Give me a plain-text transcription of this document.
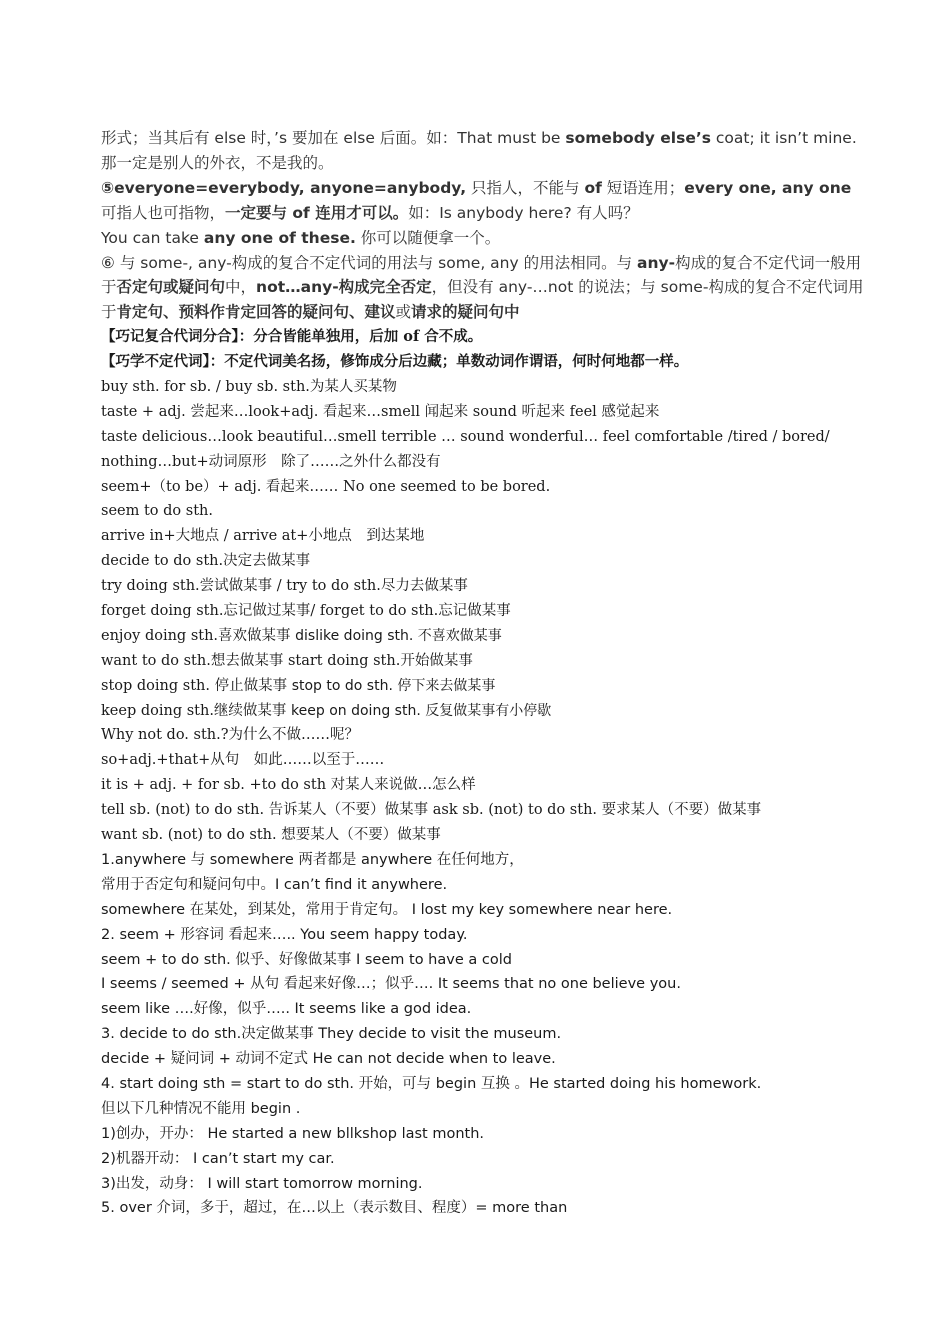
形式；当其后有 else 时，’s 要加在 else 后面。如：That must be somebody else’s coat; it isn’t mine. 那一定是别人的外衣，不是我的。
⑤everyone=everybody, anyone=anybody, 只指人，不能与 of 短语连用；every one, any one 可指人也可指物，一定要与 of 连用才可以。如：Is anybody here? 有人吗？
You can take any one of these. 你可以随便拿一个。
⑥ 与 some-, any-构成的复合不定代词的用法与 some, any 的用法相同。与 any-构成的复合不定代词一般用于否定句或疑问句中，not…any-构成完全否定，但没有 any-…not 的说法；与 some-构成的复合不定代词用于肯定句、预料作肯定回答的疑问句、建议或请求的疑问句中
【巧记复合代词分合】：分合皆能单独用，后加 of 合不成。
【巧学不定代词】：不定代词美名扬，修饰成分后边藏；单数动词作谓语，何时何地都一样。
buy sth. for sb. / buy sb. sth.为某人买某物
taste + adj. 尝起来…look+adj. 看起来…smell 闻起来 sound 听起来 feel 感觉起来
taste delicious…look beautiful…smell terrible … sound wonderful… feel comfortable /tired / bored/
nothing…but+动词原形　除了……之外什么都没有
seem+（to be）+ adj. 看起来…… No one seemed to be bored.
seem to do sth.
arrive in+大地点 / arrive at+小地点　到达某地
decide to do sth.决定去做某事
try doing sth.尝试做某事 / try to do sth.尽力去做某事
forget doing sth.忘记做过某事/ forget to do sth.忘记做某事
enjoy doing sth.喜欢做某事 dislike doing sth. 不喜欢做某事
want to do sth.想去做某事 start doing sth.开始做某事
stop doing sth. 停止做某事 stop to do sth. 停下来去做某事
keep doing sth.继续做某事 keep on doing sth. 反复做某事有小停歇
Why not do. sth.?为什么不做……呢？
so+adj.+that+从句　如此……以至于……
it is + adj. + for sb. +to do sth 对某人来说做…怎么样
tell sb. (not) to do sth. 告诉某人（不要）做某事 ask sb. (not) to do sth. 要求某人（不要）做某事
want sb. (not) to do sth. 想要某人（不要）做某事
1.anywhere 与 somewhere 两者都是 anywhere 在任何地方，
常用于否定句和疑问句中。I can’t find it anywhere.
somewhere 在某处，到某处，常用于肯定句。 I lost my key somewhere near here.
2. seem + 形容词 看起来….. You seem happy today.
seem + to do sth. 似乎、好像做某事 I seem to have a cold
I seems / seemed + 从句 看起来好像…；似乎…. It seems that no one believe you.
seem like ….好像，似乎….. It seems like a god idea.
3. decide to do sth.决定做某事 They decide to visit the museum.
decide + 疑问词 + 动词不定式 He can not decide when to leave.
4. start doing sth = start to do sth. 开始，可与 begin 互换 。He started doing his homework.
但以下几种情况不能用 begin .
1)创办，开办： He started a new bllkshop last month.
2)机器开动： I can’t start my car.
3)出发，动身： I will start tomorrow morning.
5. over 介词，多于，超过，在…以上（表示数目、程度）= more than
